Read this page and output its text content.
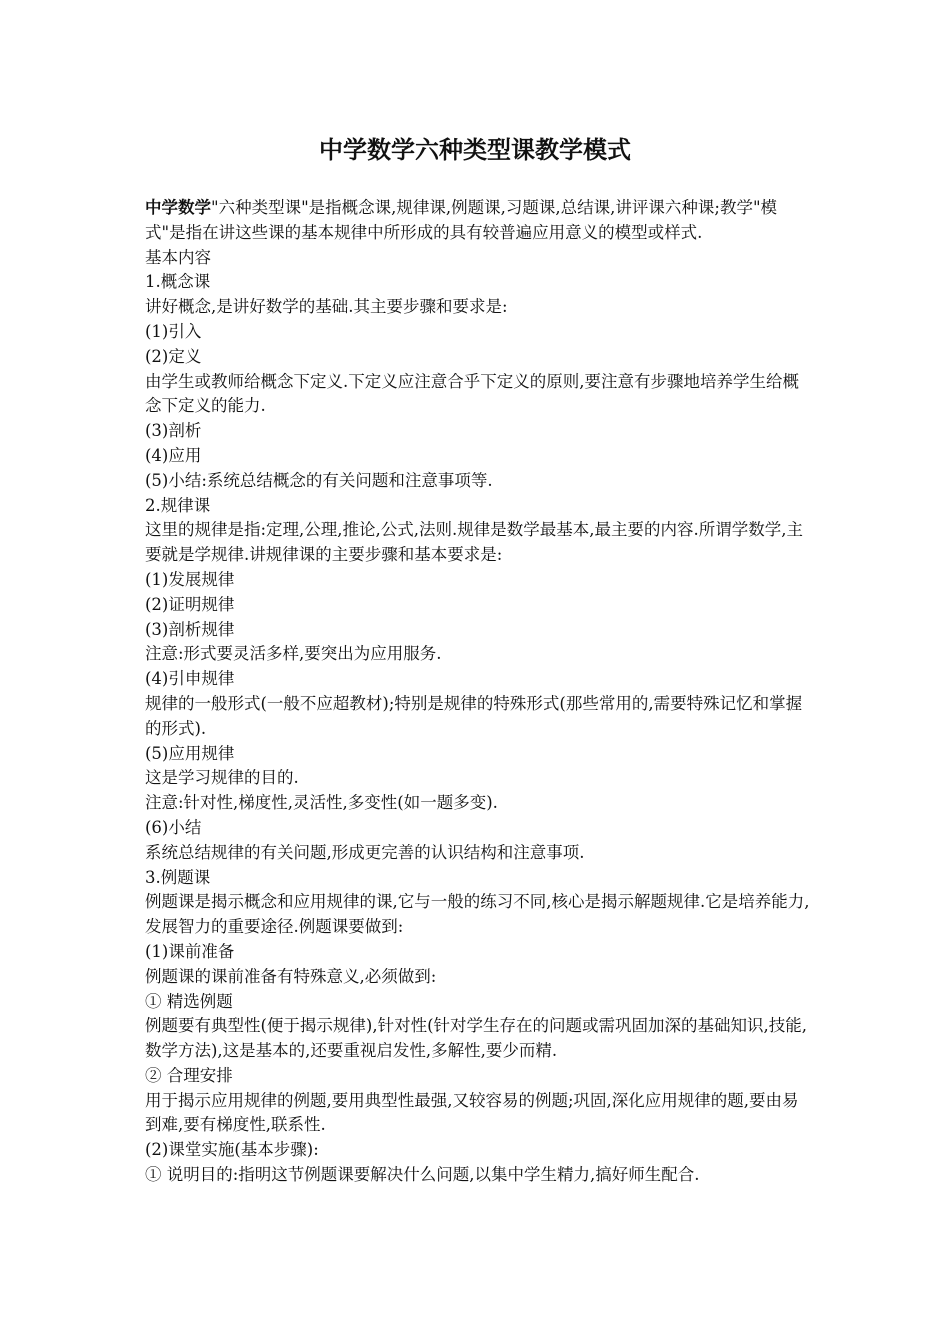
中学数学六种类型课教学模式

中学数学"六种类型课"是指概念课,规律课,例题课,习题课,总结课,讲评课六种课;教学"模式"是指在讲这些课的基本规律中所形成的具有较普遍应用意义的模型或样式.

基本内容

1.概念课

讲好概念,是讲好数学的基础.其主要步骤和要求是:

(1)引入

(2)定义

由学生或教师给概念下定义.下定义应注意合乎下定义的原则,要注意有步骤地培养学生给概念下定义的能力.

(3)剖析

(4)应用

(5)小结:系统总结概念的有关问题和注意事项等.

2.规律课

这里的规律是指:定理,公理,推论,公式,法则.规律是数学最基本,最主要的内容.所谓学数学,主要就是学规律.讲规律课的主要步骤和基本要求是:

(1)发展规律

(2)证明规律

(3)剖析规律

注意:形式要灵活多样,要突出为应用服务.

(4)引申规律

规律的一般形式(一般不应超教材);特别是规律的特殊形式(那些常用的,需要特殊记忆和掌握的形式).

(5)应用规律

这是学习规律的目的.

注意:针对性,梯度性,灵活性,多变性(如一题多变).

(6)小结

系统总结规律的有关问题,形成更完善的认识结构和注意事项.

3.例题课

例题课是揭示概念和应用规律的课,它与一般的练习不同,核心是揭示解题规律.它是培养能力,发展智力的重要途径.例题课要做到:

(1)课前准备

例题课的课前准备有特殊意义,必须做到:

① 精选例题

例题要有典型性(便于揭示规律),针对性(针对学生存在的问题或需巩固加深的基础知识,技能,数学方法),这是基本的,还要重视启发性,多解性,要少而精.

② 合理安排

用于揭示应用规律的例题,要用典型性最强,又较容易的例题;巩固,深化应用规律的题,要由易到难,要有梯度性,联系性.

(2)课堂实施(基本步骤):

① 说明目的:指明这节例题课要解决什么问题,以集中学生精力,搞好师生配合.
